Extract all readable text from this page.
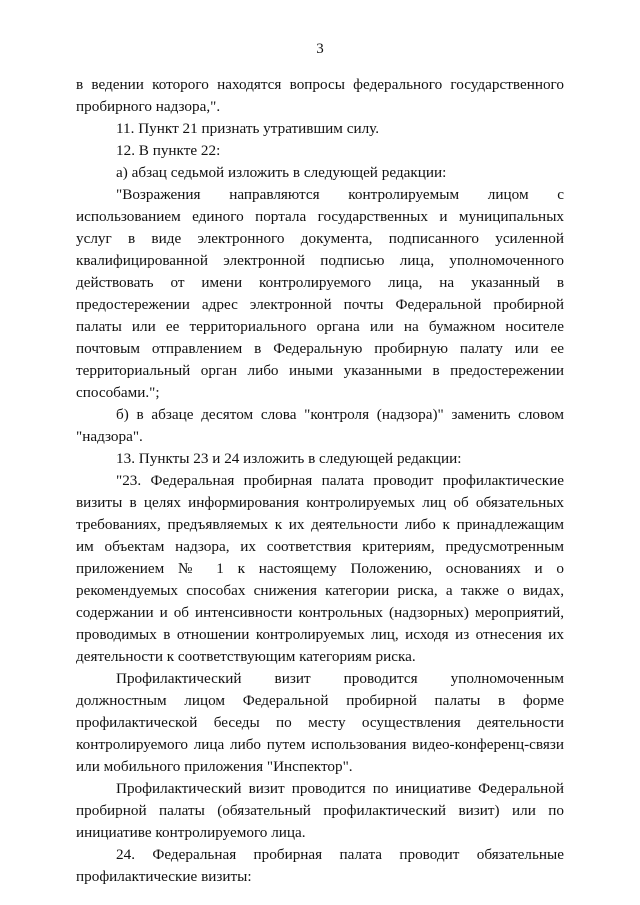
3

в ведении которого находятся вопросы федерального государственного пробирного надзора,".

11. Пункт 21 признать утратившим силу.

12. В пункте 22:

а) абзац седьмой изложить в следующей редакции:

"Возражения направляются контролируемым лицом с использованием единого портала государственных и муниципальных услуг в виде электронного документа, подписанного усиленной квалифицированной электронной подписью лица, уполномоченного действовать от имени контролируемого лица, на указанный в предостережении адрес электронной почты Федеральной пробирной палаты или ее территориального органа или на бумажном носителе почтовым отправлением в Федеральную пробирную палату или ее территориальный орган либо иными указанными в предостережении способами.";

б) в абзаце десятом слова "контроля (надзора)" заменить словом "надзора".

13. Пункты 23 и 24 изложить в следующей редакции:

"23. Федеральная пробирная палата проводит профилактические визиты в целях информирования контролируемых лиц об обязательных требованиях, предъявляемых к их деятельности либо к принадлежащим им объектам надзора, их соответствия критериям, предусмотренным приложением № 1 к настоящему Положению, основаниях и о рекомендуемых способах снижения категории риска, а также о видах, содержании и об интенсивности контрольных (надзорных) мероприятий, проводимых в отношении контролируемых лиц, исходя из отнесения их деятельности к соответствующим категориям риска.

Профилактический визит проводится уполномоченным должностным лицом Федеральной пробирной палаты в форме профилактической беседы по месту осуществления деятельности контролируемого лица либо путем использования видео-конференц-связи или мобильного приложения "Инспектор".

Профилактический визит проводится по инициативе Федеральной пробирной палаты (обязательный профилактический визит) или по инициативе контролируемого лица.

24. Федеральная пробирная палата проводит обязательные профилактические визиты:
